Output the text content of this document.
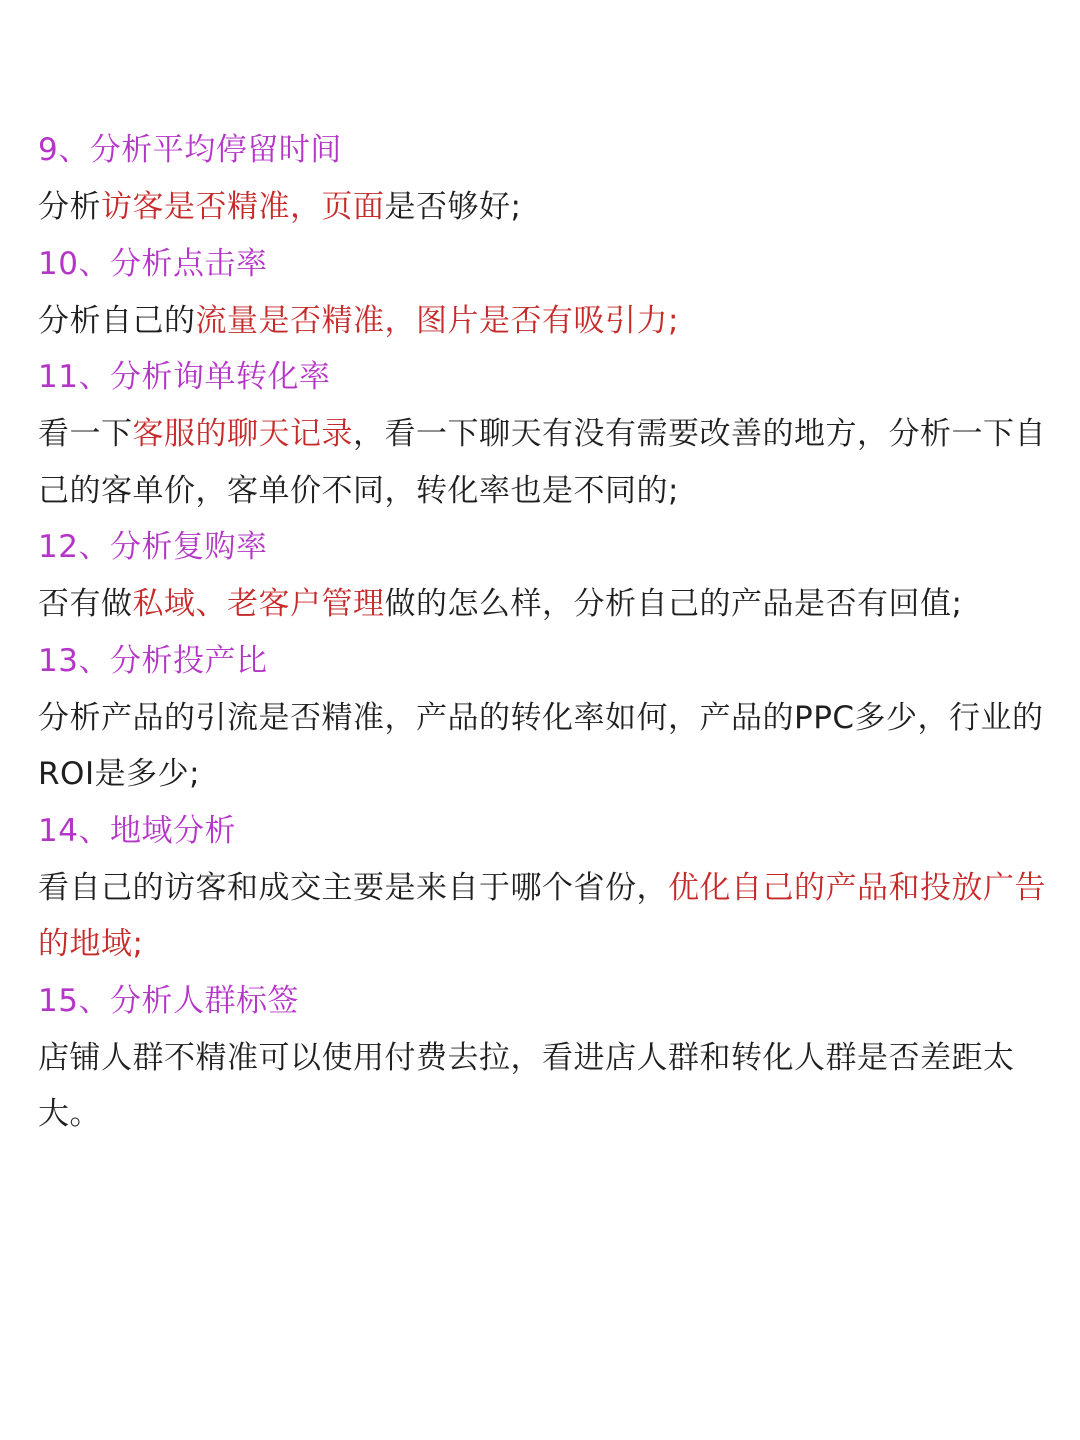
9、分析平均停留时间
分析访客是否精准，页面是否够好;
10、分析点击率
分析自己的流量是否精准，图片是否有吸引力;
11、分析询单转化率
看一下客服的聊天记录，看一下聊天有没有需要改善的地方，分析一下自己的客单价，客单价不同，转化率也是不同的;
12、分析复购率
否有做私域、老客户管理做的怎么样，分析自己的产品是否有回值;
13、分析投产比
分析产品的引流是否精准，产品的转化率如何，产品的PPC多少，行业的ROI是多少;
14、地域分析
看自己的访客和成交主要是来自于哪个省份，优化自己的产品和投放广告的地域;
15、分析人群标签
店铺人群不精准可以使用付费去拉，看进店人群和转化人群是否差距太大。
